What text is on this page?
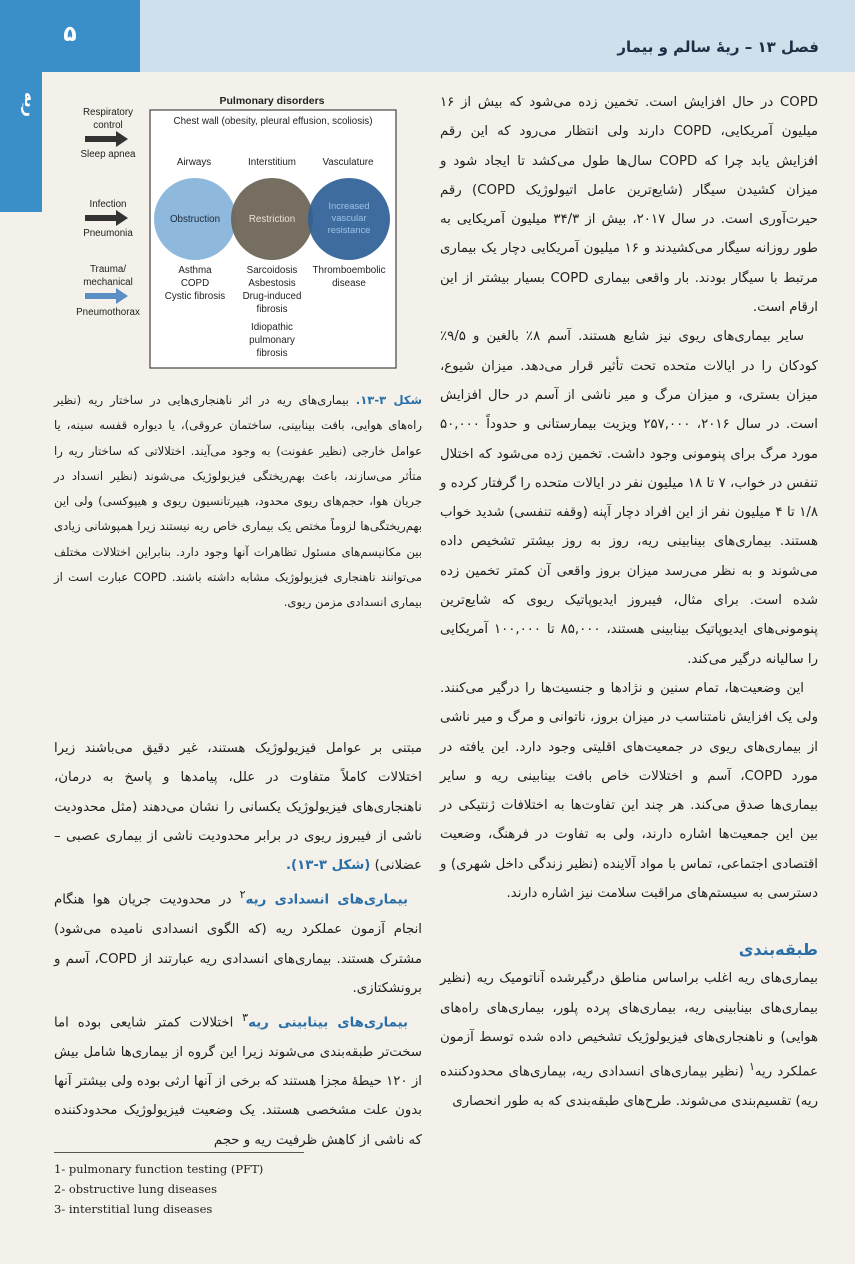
۵	فصل ۱۳ – ریهٔ سالم و بیمار
ریه	Pulmonary disorders
Chest wall (obesity, pleural effusion, scoliosis)
Respiratory
control
Sleep apnea
Infection
Pneumonia
Trauma/
mechanical
Pneumothorax
Airways	Interstitium	Vasculature
Obstruction	Restriction
Increased
vascular
resistance
Asthma
COPD
Cystic fibrosis
Sarcoidosis
Asbestosis
Drug-induced
fibrosis
Idiopathic
pulmonary
fibrosis
Thromboembolic
disease
شکل ۳-۱۳. بیماری‌های ریه در اثر ناهنجاری‌هایی در ساختار ریه (نظیر راه‌های هوایی، بافت بینابینی، ساختمان عروقی)، یا دیواره قفسه سینه، یا عوامل خارجی (نظیر عفونت) به وجود می‌آیند. اختلالاتی که ساختار ریه را متأثر می‌سازند، باعث بهم‌ریختگی فیزیولوژیک می‌شوند (نظیر انسداد در جریان هوا، حجم‌های ریوی محدود، هیپرتانسیون ریوی و هیپوکسی) ولی این بهم‌ریختگی‌ها لزوماً مختص یک بیماری خاص ریه نیستند زیرا همپوشانی زیادی بین مکانیسم‌های مسئول تظاهرات آنها وجود دارد. بنابراین اختلالات مختلف می‌توانند ناهنجاری فیزیولوژیک مشابه داشته باشند. COPD عبارت است از بیماری انسدادی مزمن ریوی.

COPD در حال افزایش است. تخمین زده می‌شود که بیش از ۱۶ میلیون آمریکایی، COPD دارند ولی انتظار می‌رود که این رقم افزایش یابد چرا که COPD سال‌ها طول می‌کشد تا ایجاد شود و میزان کشیدن سیگار (شایع‌ترین عامل اتیولوژیک COPD) رقم حیرت‌آوری است. در سال ۲۰۱۷، بیش از ۳۴/۳ میلیون آمریکایی به طور روزانه سیگار می‌کشیدند و ۱۶ میلیون آمریکایی دچار یک بیماری مرتبط با سیگار بودند. بار واقعی بیماری COPD بسیار بیشتر از این ارقام است.

سایر بیماری‌های ریوی نیز شایع هستند. آسم ۸٪ بالغین و ۹/۵٪ کودکان را در ایالات متحده تحت تأثیر قرار می‌دهد. میزان شیوع، میزان بستری، و میزان مرگ و میر ناشی از آسم در حال افزایش است. در سال ۲۰۱۶، ۲۵۷,۰۰۰ ویزیت بیمارستانی و حدوداً ۵۰,۰۰۰ مورد مرگ برای پنومونی وجود داشت. تخمین زده می‌شود که اختلال تنفس در خواب، ۷ تا ۱۸ میلیون نفر در ایالات متحده را گرفتار کرده و ۱/۸ تا ۴ میلیون نفر از این افراد دچار آپنه (وقفه تنفسی) شدید خواب هستند. بیماری‌های بینابینی ریه، روز به روز بیشتر تشخیص داده می‌شوند و به نظر می‌رسد میزان بروز واقعی آن کمتر تخمین زده شده است. برای مثال، فیبروز ایدیوپاتیک ریوی که شایع‌ترین پنومونی‌های ایدیوپاتیک بینابینی هستند، ۸۵,۰۰۰ تا ۱۰۰,۰۰۰ آمریکایی را سالیانه درگیر می‌کند.

این وضعیت‌ها، تمام سنین و نژادها و جنسیت‌ها را درگیر می‌کنند. ولی یک افزایش نامتناسب در میزان بروز، ناتوانی و مرگ و میر ناشی از بیماری‌های ریوی در جمعیت‌های اقلیتی وجود دارد. این یافته در مورد COPD، آسم و اختلالات خاص بافت بینابینی ریه و سایر بیماری‌ها صدق می‌کند. هر چند این تفاوت‌ها به اختلافات ژنتیکی در بین این جمعیت‌ها اشاره دارند، ولی به تفاوت در فرهنگ، وضعیت اقتصادی اجتماعی، تماس با مواد آلاینده (نظیر زندگی داخل شهری) و دسترسی به سیستم‌های مراقبت سلامت نیز اشاره دارند.

طبقه‌بندی

بیماری‌های ریه اغلب براساس مناطق درگیرشده آناتومیک ریه (نظیر بیماری‌های بینابینی ریه، بیماری‌های پرده پلور، بیماری‌های راه‌های هوایی) و ناهنجاری‌های فیزیولوژیک تشخیص داده شده توسط آزمون عملکرد ریه$^۱$ (نظیر بیماری‌های انسدادی ریه، بیماری‌های محدودکننده ریه) تقسیم‌بندی می‌شوند. طرح‌های طبقه‌بندی که به طور انحصاری

مبتنی بر عوامل فیزیولوژیک هستند، غیر دقیق می‌باشند زیرا اختلالات کاملاً متفاوت در علل، پیامدها و پاسخ به درمان، ناهنجاری‌های فیزیولوژیک یکسانی را نشان می‌دهند (مثل محدودیت ناشی از فیبروز ریوی در برابر محدودیت ناشی از بیماری عصبی – عضلانی) (شکل ۳-۱۳).

بیماری‌های انسدادی ریه$^۲$ در محدودیت جریان هوا هنگام انجام آزمون عملکرد ریه (که الگوی انسدادی نامیده می‌شود) مشترک هستند. بیماری‌های انسدادی ریه عبارتند از COPD، آسم و برونشکتازی.

بیماری‌های بینابینی ریه$^۳$ اختلالات کمتر شایعی بوده اما سخت‌تر طبقه‌بندی می‌شوند زیرا این گروه از بیماری‌ها شامل بیش از ۱۲۰ حیطهٔ مجزا هستند که برخی از آنها ارثی بوده ولی بیشتر آنها بدون علت مشخصی هستند. یک وضعیت فیزیولوژیک محدودکننده که ناشی از کاهش ظرفیت ریه و حجم

1- pulmonary function testing (PFT)
2- obstructive lung diseases
3- interstitial lung diseases
